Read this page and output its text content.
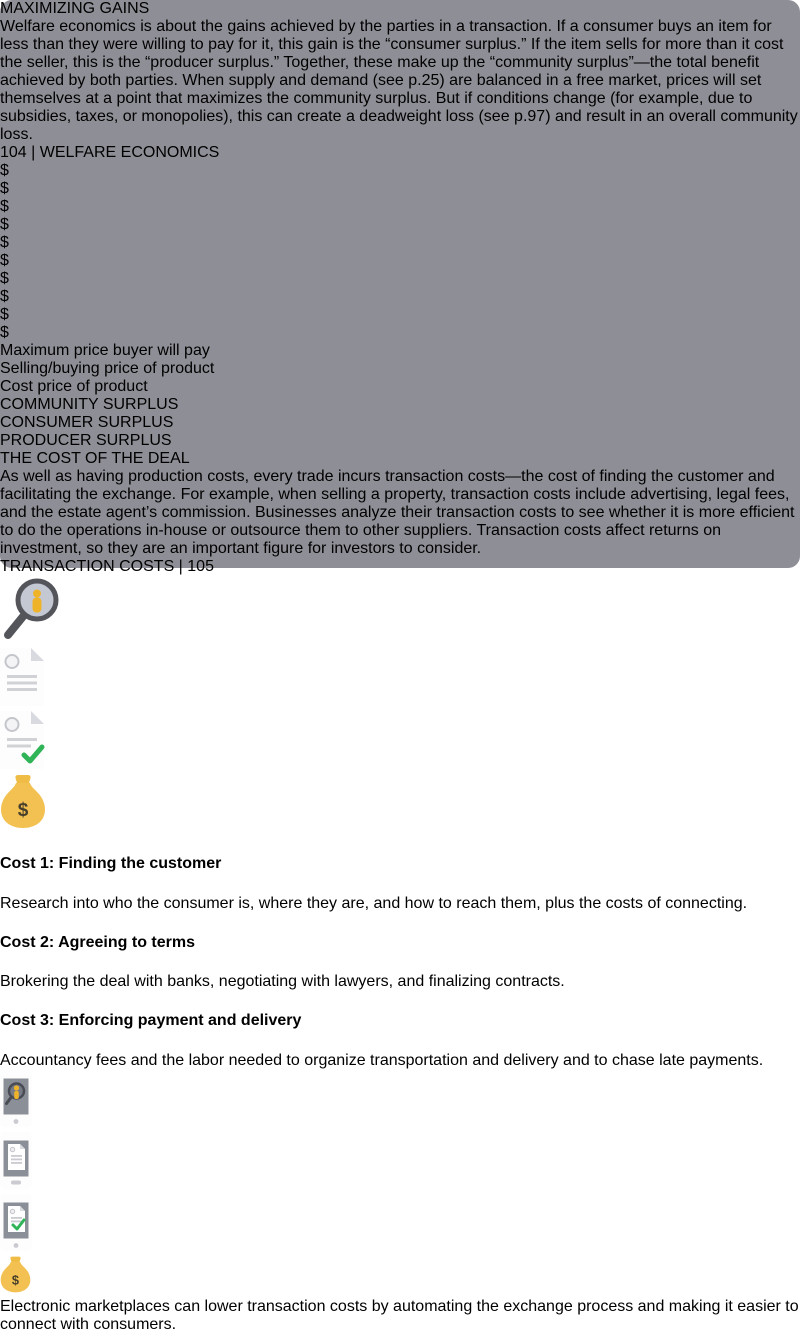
MAXIMIZING GAINS
Welfare economics is about the gains achieved by the parties in a transaction. If a consumer buys an item for less than they were willing to pay for it, this gain is the “consumer surplus.” If the item sells for more than it cost the seller, this is the “producer surplus.” Together, these make up the “community surplus”—the total benefit achieved by both parties. When supply and demand (see p.25) are balanced in a free market, prices will set themselves at a point that maximizes the community surplus. But if conditions change (for example, due to subsidies, taxes, or monopolies), this can create a deadweight loss (see p.97) and result in an overall community loss.
104 | WELFARE ECONOMICS
$
$
$
$
$
$
$
$
$
$
Maximum price buyer will pay
Selling/buying price of product
Cost price of product
COMMUNITY SURPLUS
CONSUMER SURPLUS
PRODUCER SURPLUS
THE COST OF THE DEAL
As well as having production costs, every trade incurs transaction costs—the cost of finding the customer and facilitating the exchange. For example, when selling a property, transaction costs include advertising, legal fees, and the estate agent’s commission. Businesses analyze their transaction costs to see whether it is more efficient to do the operations in-house or outsource them to other suppliers. Transaction costs affect returns on investment, so they are an important figure for investors to consider.
TRANSACTION COSTS | 105
$
Cost 1: Finding the customer
Research into who the consumer is, where they are, and how to reach them, plus the costs of connecting.
Cost 2: Agreeing to terms
Brokering the deal with banks, negotiating with lawyers, and finalizing contracts.
Cost 3: Enforcing payment and delivery
Accountancy fees and the labor needed to organize transportation and delivery and to chase late payments.
$
Electronic marketplaces can lower transaction costs by automating the exchange process and making it easier to connect with consumers.
